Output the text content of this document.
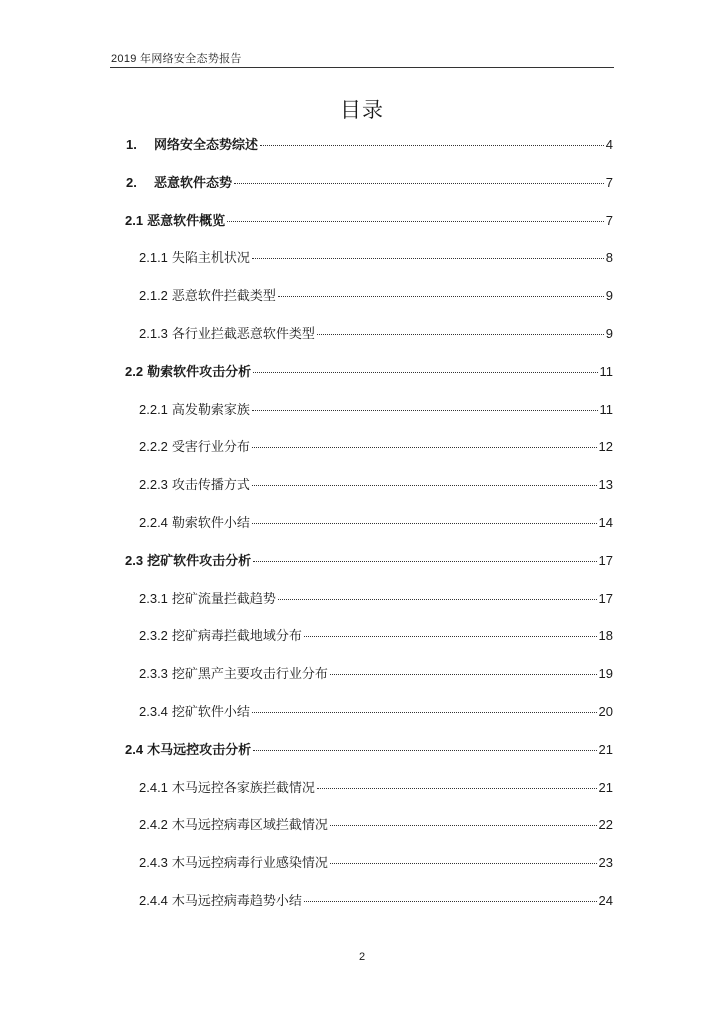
2019 年网络安全态势报告
目录
1.	网络安全态势综述	4
2.	恶意软件态势	7
2.1 恶意软件概览	7
2.1.1 失陷主机状况	8
2.1.2 恶意软件拦截类型	9
2.1.3 各行业拦截恶意软件类型	9
2.2 勒索软件攻击分析	11
2.2.1 高发勒索家族	11
2.2.2 受害行业分布	12
2.2.3 攻击传播方式	13
2.2.4 勒索软件小结	14
2.3 挖矿软件攻击分析	17
2.3.1 挖矿流量拦截趋势	17
2.3.2 挖矿病毒拦截地域分布	18
2.3.3 挖矿黑产主要攻击行业分布	19
2.3.4 挖矿软件小结	20
2.4 木马远控攻击分析	21
2.4.1 木马远控各家族拦截情况	21
2.4.2 木马远控病毒区域拦截情况	22
2.4.3 木马远控病毒行业感染情况	23
2.4.4 木马远控病毒趋势小结	24
2
